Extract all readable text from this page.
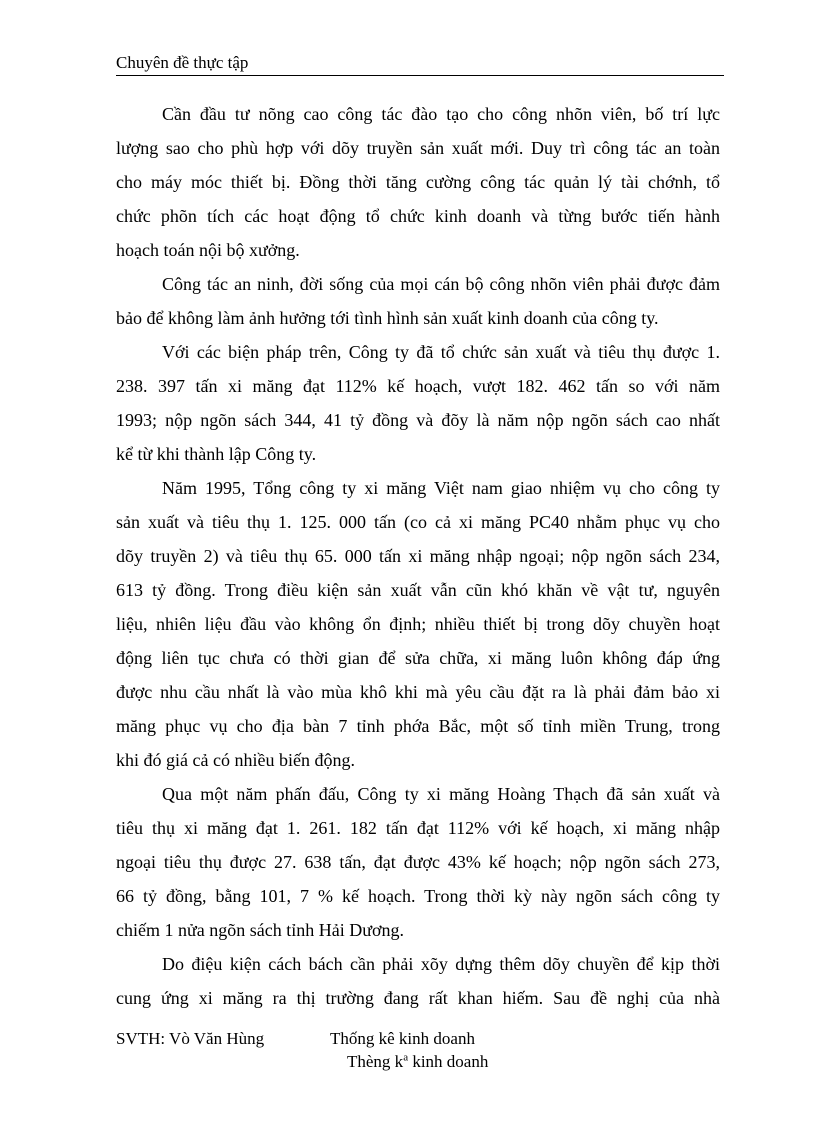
Chuyên đề thực tập
Cần đầu tư nõng cao công tác đào tạo cho công nhõn viên, bố trí lực
lượng sao cho phù hợp với dõy truyền sản xuất mới. Duy trì công tác an toàn
cho máy móc thiết bị. Đồng thời tăng cường công tác quản lý tài chớnh, tổ
chức phõn tích các hoạt động tổ chức kinh doanh và từng bước tiến hành
hoạch toán nội bộ xưởng.
Công tác an ninh, đời sống của mọi cán bộ công nhõn viên phải được đảm
bảo để không làm ảnh hưởng tới tình hình sản xuất kinh doanh của công ty.
Với các biện pháp trên, Công ty đã tổ chức sản xuất và tiêu thụ được 1.
238. 397 tấn xi măng đạt 112% kế hoạch, vượt 182. 462 tấn so với năm
1993; nộp ngõn sách 344, 41 tỷ đồng và đõy là năm nộp ngõn sách cao nhất
kể từ khi thành lập Công ty.
Năm 1995, Tổng công ty xi măng Việt nam giao nhiệm vụ cho công ty
sản xuất và tiêu thụ 1. 125. 000 tấn (co cả xi măng PC40 nhằm phục vụ cho
dõy truyền 2) và tiêu thụ 65. 000 tấn xi măng nhập ngoại; nộp ngõn sách 234,
613 tỷ đồng. Trong điều kiện sản xuất vẫn cũn khó khăn về vật tư, nguyên
liệu, nhiên liệu đầu vào không ổn định; nhiều thiết bị trong dõy chuyền hoạt
động liên tục chưa có thời gian để sửa chữa, xi măng luôn không đáp ứng
được nhu cầu nhất là vào mùa khô khi mà yêu cầu đặt ra là phải đảm bảo xi
măng phục vụ cho địa bàn 7 tỉnh phớa Bắc, một số tỉnh miền Trung, trong
khi đó giá cả có nhiều biến động.
Qua một năm phấn đấu, Công ty xi măng Hoàng Thạch đã sản xuất và
tiêu thụ xi măng đạt 1. 261. 182 tấn đạt 112% với kế hoạch, xi măng nhập
ngoại tiêu thụ được 27. 638 tấn, đạt được 43% kế hoạch; nộp ngõn sách 273,
66 tỷ đồng, bằng 101, 7 % kế hoạch. Trong thời kỳ này ngõn sách công ty
chiếm 1 nửa ngõn sách tỉnh Hải Dương.
Do điệu kiện cách bách cần phải xõy dựng thêm dõy chuyền để kịp thời
cung ứng xi măng ra thị trường đang rất khan hiếm. Sau đề nghị của nhà
SVTH: Vò Văn Hùng	Thống kê kinh doanh
Thèng $k^a$ kinh doanh
